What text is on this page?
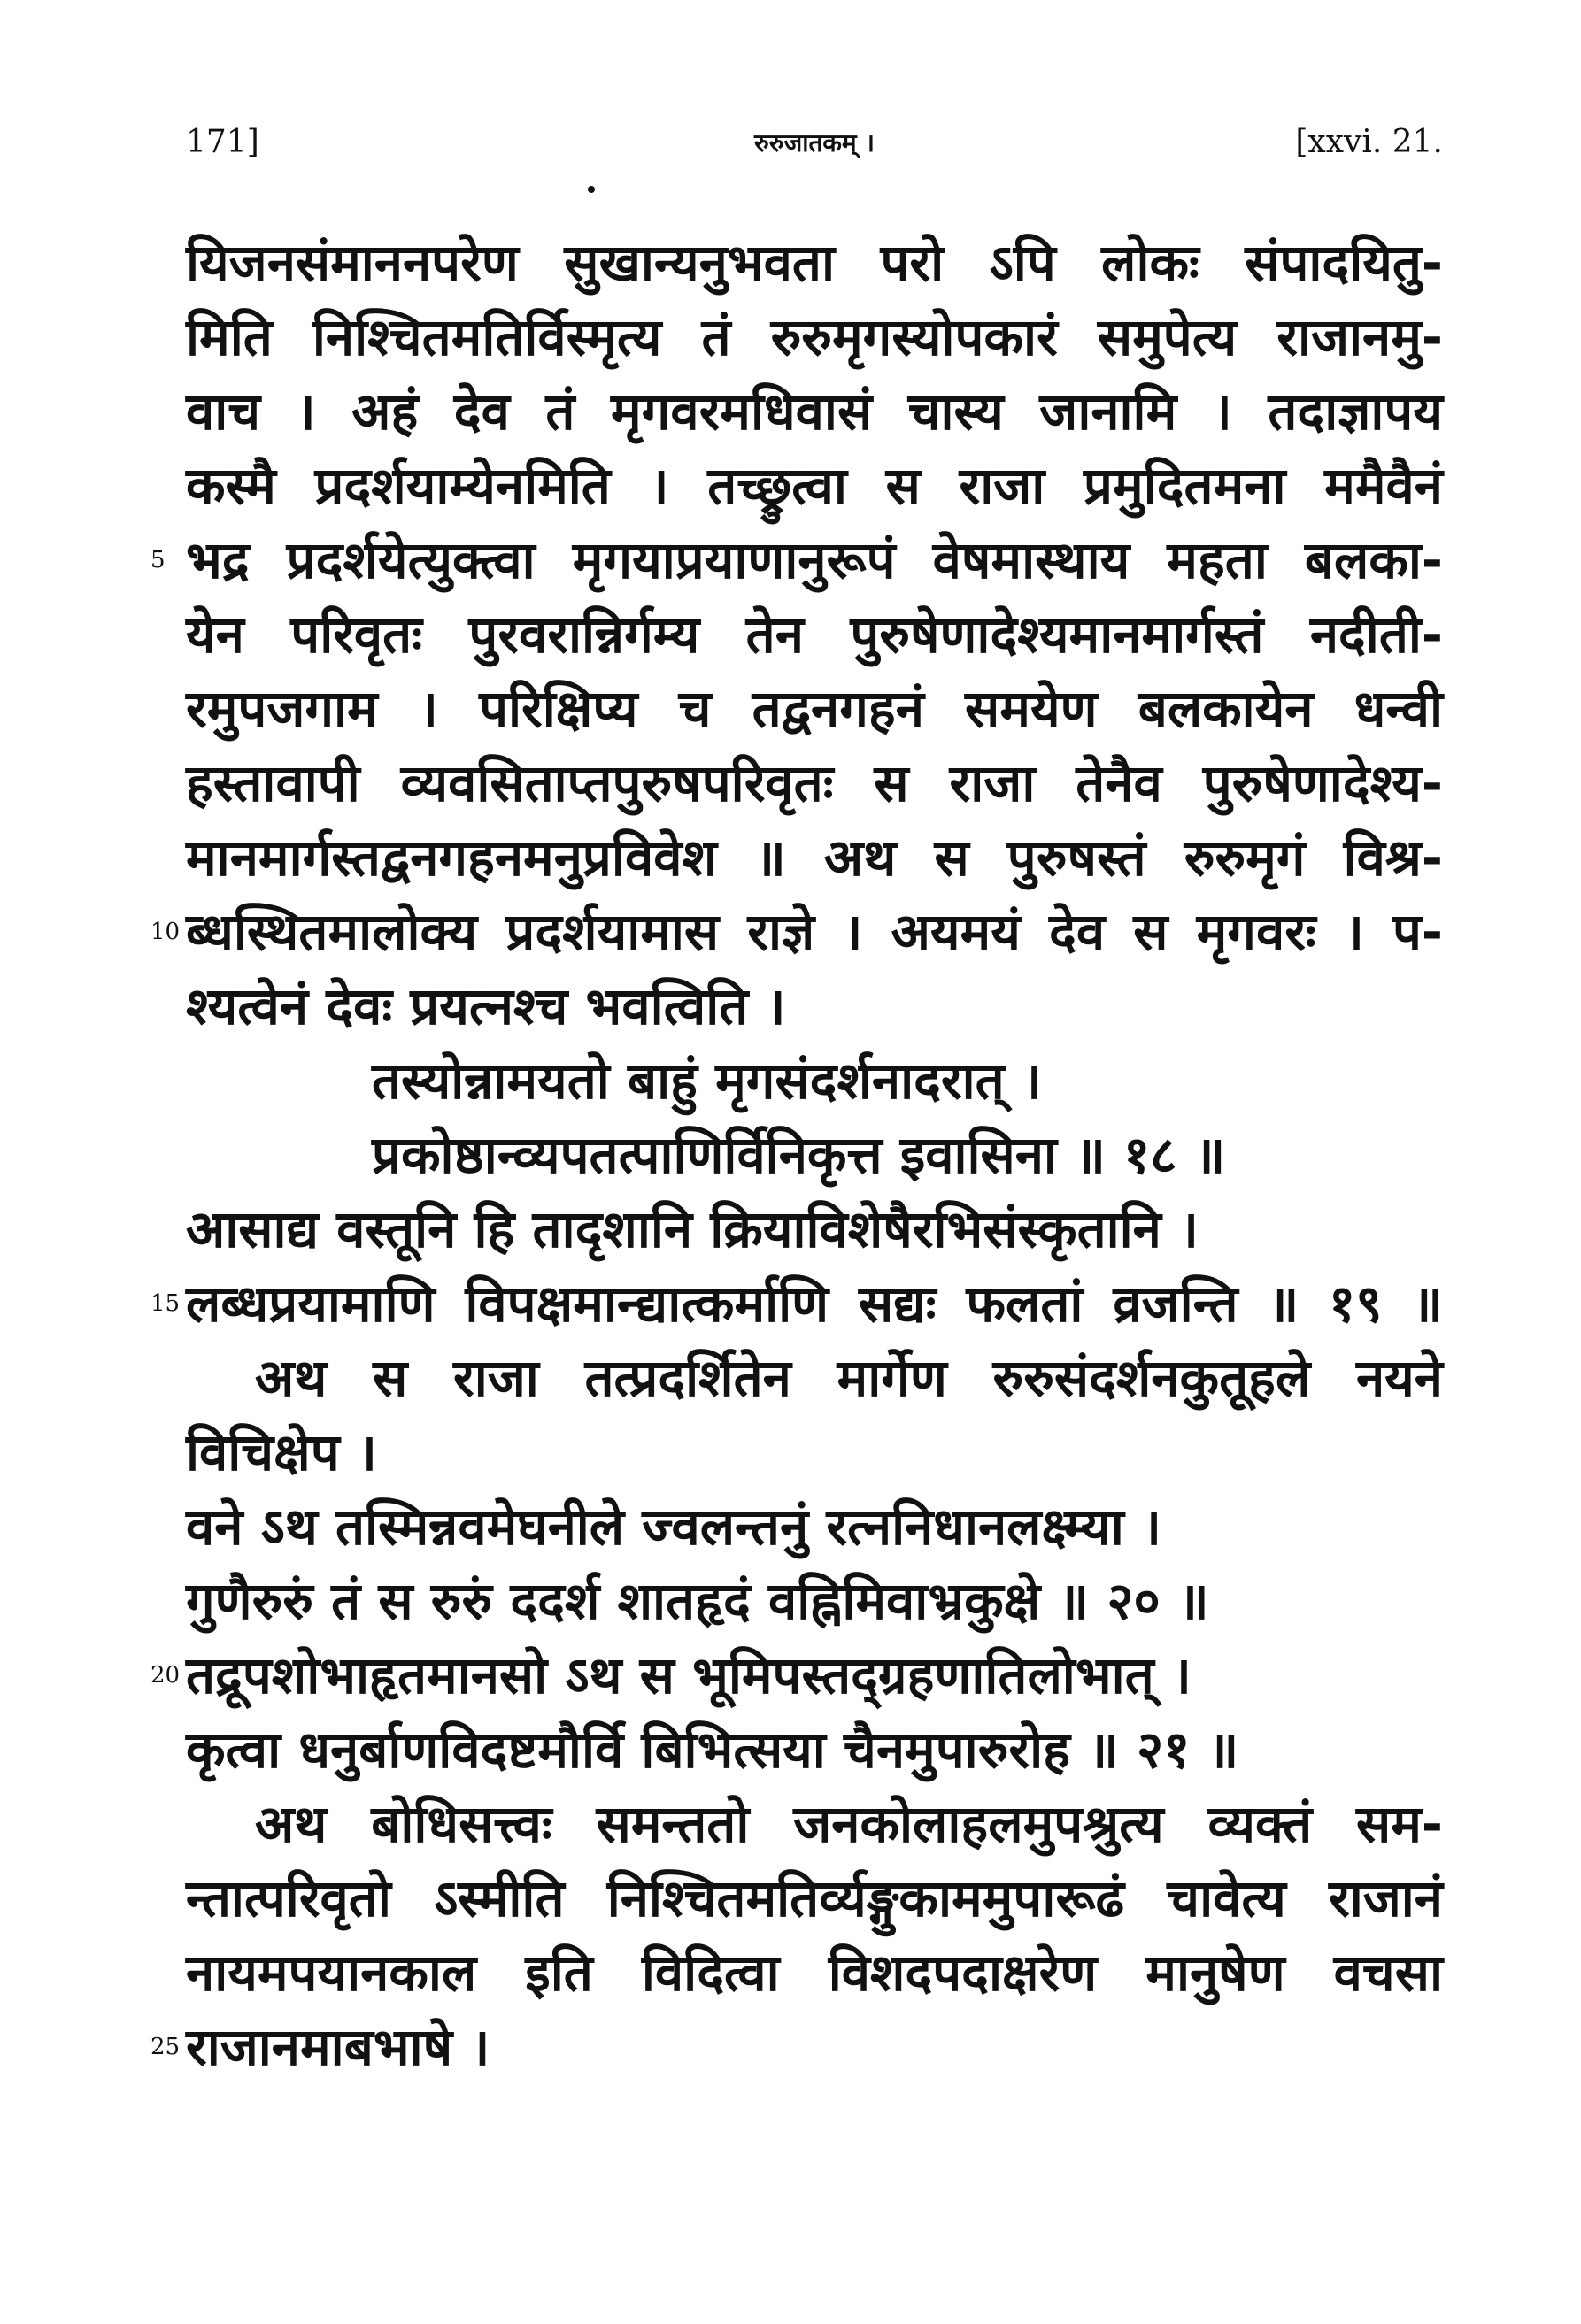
171]	रुरुजातकम् ।	[xxvi. 21.
यिजनसंमाननपरेण सुखान्यनुभवता परो ऽपि लोकः संपादयितु-
मिति निश्चितमतिर्विस्मृत्य तं रुरुमृगस्योपकारं समुपेत्य राजानमु-
वाच । अहं देव तं मृगवरमधिवासं चास्य जानामि । तदाज्ञापय
कस्मै प्रदर्शयाम्येनमिति । तच्छ्रुत्वा स राजा प्रमुदितमना ममैवैनं
5 भद्र प्रदर्शयेत्युक्त्वा मृगयाप्रयाणानुरूपं वेषमास्थाय महता बलका-
येन परिवृतः पुरवरान्निर्गम्य तेन पुरुषेणादेश्यमानमार्गस्तं नदीती-
रमुपजगाम । परिक्षिप्य च तद्वनगहनं समयेण बलकायेन धन्वी
हस्तावापी व्यवसिताप्तपुरुषपरिवृतः स राजा तेनैव पुरुषेणादेश्य-
मानमार्गस्तद्वनगहनमनुप्रविवेश ॥ अथ स पुरुषस्तं रुरुमृगं विश्र-
10 ब्धस्थितमालोक्य प्रदर्शयामास राज्ञे । अयमयं देव स मृगवरः । प-
श्यत्वेनं देवः प्रयत्नश्च भवत्विति ।
तस्योन्नामयतो बाहुं मृगसंदर्शनादरात् ।
प्रकोष्ठान्व्यपतत्पाणिर्विनिकृत्त इवासिना ॥ १८ ॥
आसाद्य वस्तूनि हि तादृशानि क्रियाविशेषैरभिसंस्कृतानि ।
15 लब्धप्रयामाणि विपक्षमान्द्यात्कर्माणि सद्यः फलतां व्रजन्ति ॥ १९ ॥
अथ स राजा तत्प्रदर्शितेन मार्गेण रुरुसंदर्शनकुतूहले नयने
विचिक्षेप ।
वने ऽथ तस्मिन्नवमेघनीले ज्वलन्तनुं रत्ननिधानलक्ष्म्या ।
गुणैरुरुं तं स रुरुं ददर्श शातहृदं वह्निमिवाभ्रकुक्षे ॥ २० ॥
20 तद्रूपशोभाहृतमानसो ऽथ स भूमिपस्तद्ग्रहणातिलोभात् ।
कृत्वा धनुर्बाणविदष्टमौर्वि बिभित्सया चैनमुपारुरोह ॥ २१ ॥
अथ बोधिसत्त्वः समन्ततो जनकोलाहलमुपश्रुत्य व्यक्तं सम-
न्तात्परिवृतो ऽस्मीति निश्चितमतिर्व्यङ्गुकाममुपारूढं चावेत्य राजानं
नायमपयानकाल इति विदित्वा विशदपदाक्षरेण मानुषेण वचसा
25 राजानमाबभाषे ।
